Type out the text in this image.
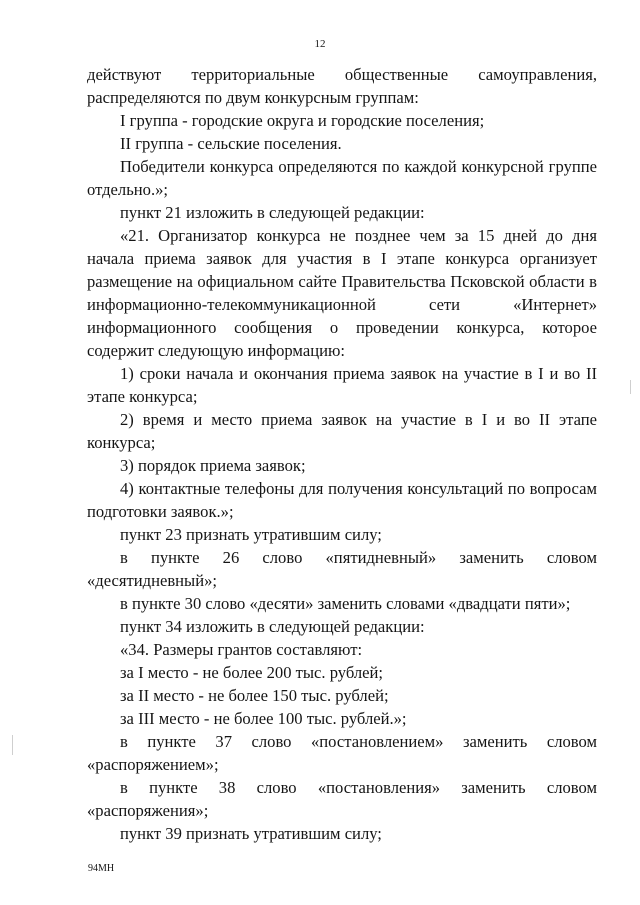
12

действуют территориальные общественные самоуправления, распределяются по двум конкурсным группам:

I группа - городские округа и городские поселения;

II группа - сельские поселения.

Победители конкурса определяются по каждой конкурсной группе отдельно.»;

пункт 21 изложить в следующей редакции:

«21. Организатор конкурса не позднее чем за 15 дней до дня начала приема заявок для участия в I этапе конкурса организует размещение на официальном сайте Правительства Псковской области в информационно-телекоммуникационной сети «Интернет» информационного сообщения о проведении конкурса, которое содержит следующую информацию:

1) сроки начала и окончания приема заявок на участие в I и во II этапе конкурса;

2) время и место приема заявок на участие в I и во II этапе конкурса;

3) порядок приема заявок;

4) контактные телефоны для получения консультаций по вопросам подготовки заявок.»;

пункт 23 признать утратившим силу;

в пункте 26 слово «пятидневный» заменить словом «десятидневный»;

в пункте 30 слово «десяти» заменить словами «двадцати пяти»;

пункт 34 изложить в следующей редакции:

«34. Размеры грантов составляют:

за I место - не более 200 тыс. рублей;

за II место - не более 150 тыс. рублей;

за III место - не более 100 тыс. рублей.»;

в пункте 37 слово «постановлением» заменить словом «распоряжением»;

в пункте 38 слово «постановления» заменить словом «распоряжения»;

пункт 39 признать утратившим силу;

94МН
